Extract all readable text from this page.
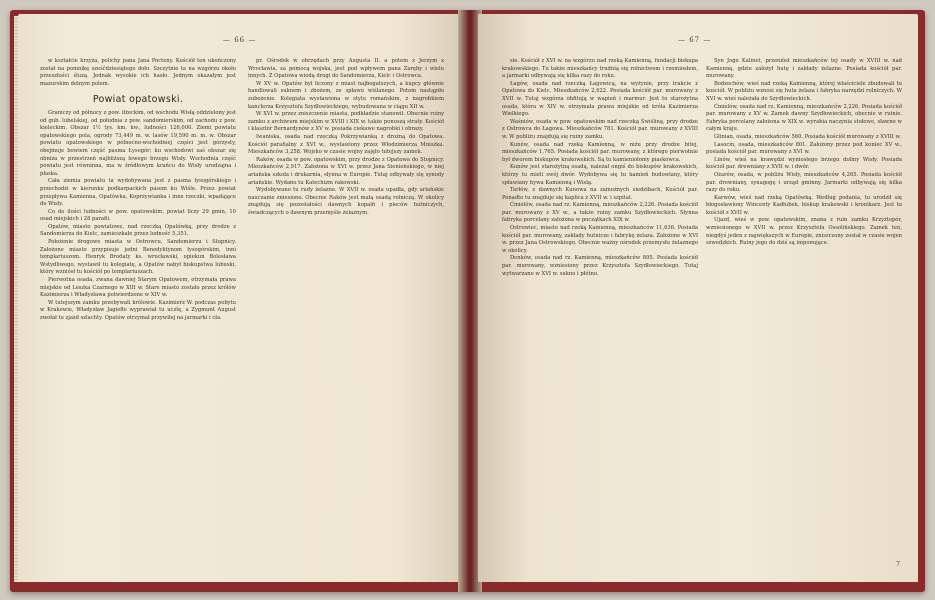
— 66 —

w kształcie krzyża, polichy pana Jana Pocteny. Kościół ten ukończony został na pomnikę sześćdziesiątego dołu. Szczytnie ta na wzgórzu około przeszłości śluzą. Jednak wysokie ich hasło. Jednym okazałym jest mazurskim dolnym polem.

Powiat opatowski.

Graniczy od północy z pow. iłżeckim, od wschodu Wisłą oddzielony jest od gub. lubelskiej, od południa z pow. sandomierskim, od zachodu z pow. kieleckim. Obszar 1½ tys. km. kw., ludności 126,000. Ziemi powiatu opatowskiego pola, ogrody 73,449 m. w. lasów 19,590 m. m. w. Obszar powiatu opatowskiego w północno-wschodniej części jest górzysty, obejmuje bowiem część pasma Łysogór; ku wschodowi zaś obszar się obniża w przestrzeń najbliższą lewego brzegu Wisły. Wschodnia część powiatu jest równinna, ma w źródłowym krańcu do Wisły urodzajna i płaska.

Cała ziemia powiatu ta wydobywana jest z pasma łysogórskiego i przechodzi w kierunku podkarpackich pasem ku Wiśle. Przez powiat przepływa Kamienna, Opatówka, Koprzywianka i inne rzeczki, wpadające do Wisły.

Co do ilości ludności w pow. opatowskim, powiat liczy 29 gmin, 10 osad miejskich i 28 parafii.

Opatów, miasto powiatowe, nad rzeczką Opatówką, przy drodze z Sandomierza do Kielc, zamieszkałe przez ludność 5,351.

Położenie drogowe miasta w Ostrowcu, Sandomierzu i Stopnicy. Założone miasto przypisuje jedni Benedyktynom łysogórskim, inni templariuszom. Henryk Brodaty ks. wrocławski, opiekun Bolesława Wstydliwego, wystawił tu kolegiatę, a Opatów nabył biskupstwa lubuski, który wzniósł tu kościół po templariuszach.

Pierwotna osada, zwana dawniej Starym Opatowem, otrzymała prawa miejskie od Leszka Czarnego w XIII w. Stare miasto zostało przez królów Kazimierza i Władysława potwierdzone w XIV w.

W tutejszym zamku przebywali królowie. Kazimierz W. podczas pobytu w Krakowie, Władysław Jagiełło wyprawiał tu ucztę, a Zygmunt August zwołał tu zjazd szlachty. Opatów otrzymał przywilej na jarmarki i cła.

pr. Ośrodek w obrzędach przy Augusta II. a potem z Jerzym z Wrocławia, za pomocą wojska, jest pod wpływem pana Zaręby i wielu innych. Z Opatowa wiodą drogi do Sandomierza, Kielc i Ostrowca.

W XV w. Opatów był liczony z miast najbogatszych, a kupcy głównie handlowali suknem i zbożem, ze spławu wiślanego. Potem nastąpiło zubożenie. Kolegiata wystawiona w stylu romańskim, z nagrobkiem kanclerza Krzysztofa Szydłowieckiego, wybudowana w ciągu XII w.

W XVI w. przez zniszczenie miasta, podkładzie stanowił. Obecnie ruiny zamku z archiwum miejskim w XVIII i XIX w. także ponoszą straty. Kościół i klasztor Bernardynów z XV w. posiada ciekawe nagrobki i obrazy.

Iwaniska, osada nad rzeczką Pokrzywianką z drożną do Opatowa. Kościół parafialny z XVI w., wystawiony przez Włodzimierza Mniszka. Mieszkańców 3,258. Wojsko w czasie wojny zajęło tutejszy zamek.

Raków, osada w pow. opatowskim, przy drodze z Opatowa do Stopnicy. Mieszkańców 2,917. Założona w XVI w. przez Jana Sienieńskiego, w niej ariańska szkoła i drukarnia, słynna w Europie. Tutaj odbywały się synody ariańskie. Wydano tu Katechizm rakowski.

Wydobywano tu rudy żelazne. W XVII w. osada upadła, gdy ariańskie nauczanie zniesiono. Obecnie Raków jest małą osadą rolniczą. W okolicy znajdują się pozostałości dawnych kopalń i pieców hutniczych, świadczących o dawnym przemyśle żelaznym.

— 67 —

sie. Kościół z XVI w. na wzgórzu nad rzeką Kamienną, fundacji biskupa krakowskiego. Tu także mieszkańcy trudnią się rolnictwem i rzemiosłem, a jarmarki odbywają się kilka razy do roku.

Łagów, osada nad rzeczką Łagowicą, na wyżynie, przy trakcie z Opatowa do Kielc. Mieszkańców 2,622. Posiada kościół par. murowany z XVII w. Tutaj wzgórza obfitują w wapień i marmur. Jest to starożytna osada, która w XIV w. otrzymała prawa miejskie od króla Kazimierza Wielkiego.

Waśniów, osada w pow. opatowskim nad rzeczką Świśliną, przy drodze z Ostrowca do Łagowa. Mieszkańców 781. Kościół par. murowany z XVIII w. W pobliżu znajdują się ruiny zamku.

Kunów, osada nad rzeką Kamienną, w niżu przy drodze bitej, mieszkańców 1,765. Posiada kościół par. murowany, z którego pierwotnie był dworem biskupów krakowskich. Są tu kamieniołomy piaskowca.

Kunów jest starożytną osadą, należał ongiś do biskupów krakowskich, którzy tu mieli swój dwór. Wydobywa się tu kamień budowlany, który spławiany bywa Kamienną i Wisłą.

Tarłów, z dawnych Kunowa na zamożnych siedzibach, Kościół par. Ponadto tu znajduje się kaplica z XVII w. i szpital.

Ćmielów, osada nad rz. Kamienną, mieszkańców 2,226. Posiada kościół par. murowany z XV w., a także ruiny zamku Szydłowieckich. Słynna fabryka porcelany założona w początkach XIX w.

Ostrowiec, miasto nad rzeką Kamienną, mieszkańców 11,636. Posiada kościół par. murowany, zakłady hutnicze i fabrykę żelaza. Założone w XVI w. przez Jana Ostrowskiego. Obecnie ważny ośrodek przemysłu żelaznego w okolicy.

Denków, osada nad rz. Kamienną, mieszkańców 895. Posiada kościół par. murowany, wzniesiony przez Krzysztofa Szydłowieckiego. Tutaj wytwarzano w XVI w. sukno i płótno.

Syn Jogo Kalinet, przeniósł mieszkańców tej osady w XVIII w. nad Kamienną, gdzie założył hutę i zakłady żelazne. Posiada kościół par. murowany.

Bodzechów, wieś nad rzeką Kamienną, której właściciele zbudowali tu kościół. W pobliżu wznosi się huta żelaza i fabryka narzędzi rolniczych. W XVI w. wieś należała do Szydłowieckich.

Ćmielów, osada nad rz. Kamienną, mieszkańców 2,226. Posiada kościół par. murowany z XV w. Zamek dawny Szydłowieckich, obecnie w ruinie. Fabryka porcelany założona w XIX w. wyrabia naczynia stołowe, sławne w całym kraju.

Glinian, osada, mieszkańców 560. Posiada kościół murowany z XVIII w.

Lasocin, osada, mieszkańców 801. Założony przez pod koniec XV w., posiada kościół par. murowany z XVI w.

Linów, wieś na krawędzi wyniosłego brzegu doliny Wisły. Posiada kościół par. drewniany z XVII w. i dwór.

Ożarów, osada, w pobliżu Wisły, mieszkańców 4,265. Posiada kościół par. drewniany, synagogę i urząd gminny. Jarmarki odbywają się kilka razy do roku.

Karwów, wieś nad rzeką Opatówką. Według podania, tu urodził się błogosławiony Wincenty Kadłubek, biskup krakowski i kronikarz. Jest tu kościół z XVII w.

Ujazd, wieś w pow. opatowskim, znana z ruin zamku Krzyżtopór, wzniesionego w XVII w. przez Krzysztofa Ossolińskiego. Zamek ten, niegdyś jeden z największych w Europie, zniszczony został w czasie wojen szwedzkich. Ruiny jego do dziś są imponujące.

7
